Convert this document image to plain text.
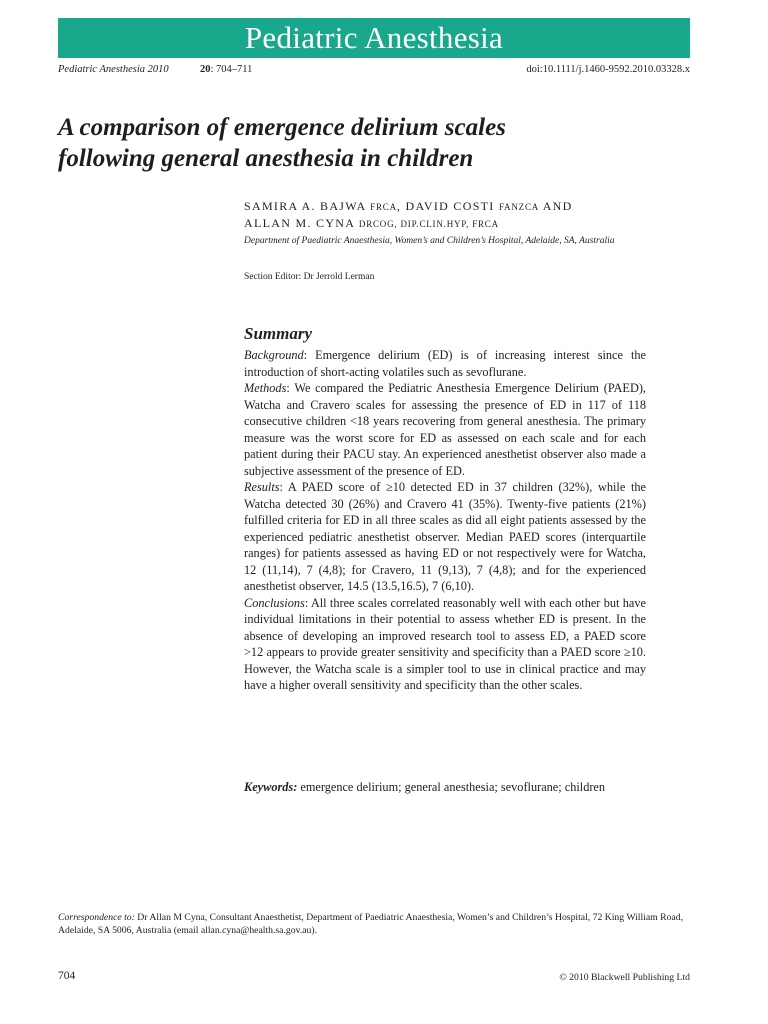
Pediatric Anesthesia
Pediatric Anesthesia 2010	20: 704–711	doi:10.1111/j.1460-9592.2010.03328.x
A comparison of emergence delirium scales
following general anesthesia in children
SAMIRA A. BAJWA FRCA, DAVID COSTI FANZCA AND
ALLAN M. CYNA DRCOG, DIP.CLIN.HYP, FRCA
Department of Paediatric Anaesthesia, Women’s and Children’s Hospital, Adelaide, SA, Australia
Section Editor: Dr Jerrold Lerman
Summary

Background: Emergence delirium (ED) is of increasing interest since the introduction of short-acting volatiles such as sevoflurane.

Methods: We compared the Pediatric Anesthesia Emergence Delirium (PAED), Watcha and Cravero scales for assessing the presence of ED in 117 of 118 consecutive children <18 years recovering from general anesthesia. The primary measure was the worst score for ED as assessed on each scale and for each patient during their PACU stay. An experienced anesthetist observer also made a subjective assessment of the presence of ED.

Results: A PAED score of ≥10 detected ED in 37 children (32%), while the Watcha detected 30 (26%) and Cravero 41 (35%). Twenty-five patients (21%) fulfilled criteria for ED in all three scales as did all eight patients assessed by the experienced pediatric anesthetist observer. Median PAED scores (interquartile ranges) for patients assessed as having ED or not respectively were for Watcha, 12 (11,14), 7 (4,8); for Cravero, 11 (9,13), 7 (4,8); and for the experienced anesthetist observer, 14.5 (13.5,16.5), 7 (6,10).

Conclusions: All three scales correlated reasonably well with each other but have individual limitations in their potential to assess whether ED is present. In the absence of developing an improved research tool to assess ED, a PAED score >12 appears to provide greater sensitivity and specificity than a PAED score ≥10. However, the Watcha scale is a simpler tool to use in clinical practice and may have a higher overall sensitivity and specificity than the other scales.

Keywords: emergence delirium; general anesthesia; sevoflurane; children
Correspondence to: Dr Allan M Cyna, Consultant Anaesthetist, Department of Paediatric Anaesthesia, Women’s and Children’s Hospital, 72 King William Road, Adelaide, SA 5006, Australia (email allan.cyna@health.sa.gov.au).
704	© 2010 Blackwell Publishing Ltd
